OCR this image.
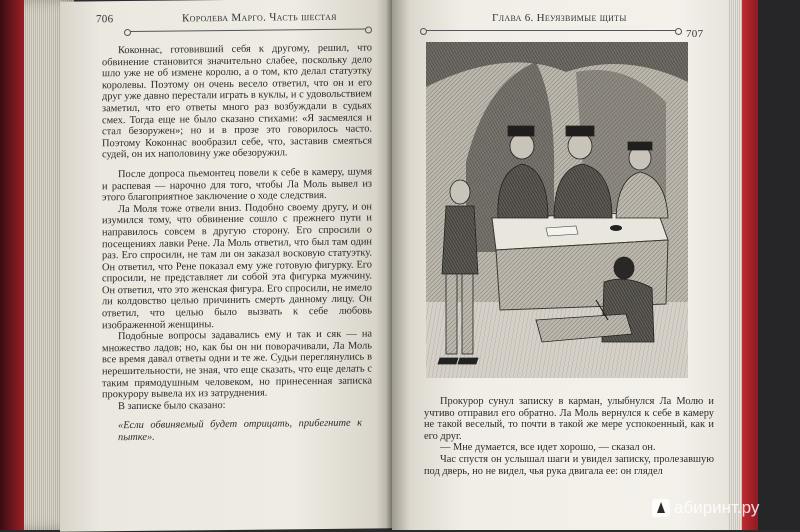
706	Королева Марго. Часть шестая

Коконнас, готовивший себя к другому, решил, что обвинение становится значительно слабее, поскольку дело шло уже не об измене королю, а о том, кто делал статуэтку королевы. Поэтому он очень весело ответил, что он и его друг уже давно перестали играть в куклы, и с удовольствием заметил, что его ответы много раз возбуждали в судьях смех. Тогда еще не было сказано стихами: «Я засмеялся и стал безоружен»; но и в прозе это говорилось часто. Поэтому Коконнас вообразил себе, что, заставив смеяться судей, он их наполовину уже обезоружил.

После допроса пьемонтец повели к себе в камеру, шумя и распевая — нарочно для того, чтобы Ла Моль вывел из этого благоприятное заключение о ходе следствия.

Ла Моля тоже отвели вниз. Подобно своему другу, и он изумился тому, что обвинение сошло с прежнего пути и направилось совсем в другую сторону. Его спросили о посещениях лавки Рене. Ла Моль ответил, что был там один раз. Его спросили, не там ли он заказал восковую статуэтку. Он ответил, что Рене показал ему уже готовую фигурку. Его спросили, не представляет ли собой эта фигурка мужчину. Он ответил, что это женская фигура. Его спросили, не имело ли колдовство целью причинить смерть данному лицу. Он ответил, что целью было вызвать к себе любовь изображенной женщины.

Подобные вопросы задавались ему и так и сяк — на множество ладов; но, как бы он ни поворачивали, Ла Моль все время давал ответы одни и те же. Судьи переглянулись в нерешительности, не зная, что еще сказать, что еще делать с таким прямодушным человеком, но принесенная записка прокурору вывела их из затруднения.

В записке было сказано:

«Если обвиняемый будет отрицать, прибегните к пытке».

Глава 6. Неуязвимые щиты
707

Прокурор сунул записку в карман, улыбнулся Ла Молю и учтиво отправил его обратно. Ла Моль вернулся к себе в камеру не такой веселый, то почти в такой же мере успокоенный, как и его друг.

— Мне думается, все идет хорошо, — сказал он.

Час спустя он услышал шаги и увидел записку, пролезавшую под дверь, но не видел, чья рука двигала ее: он глядел

абиринт.ру
